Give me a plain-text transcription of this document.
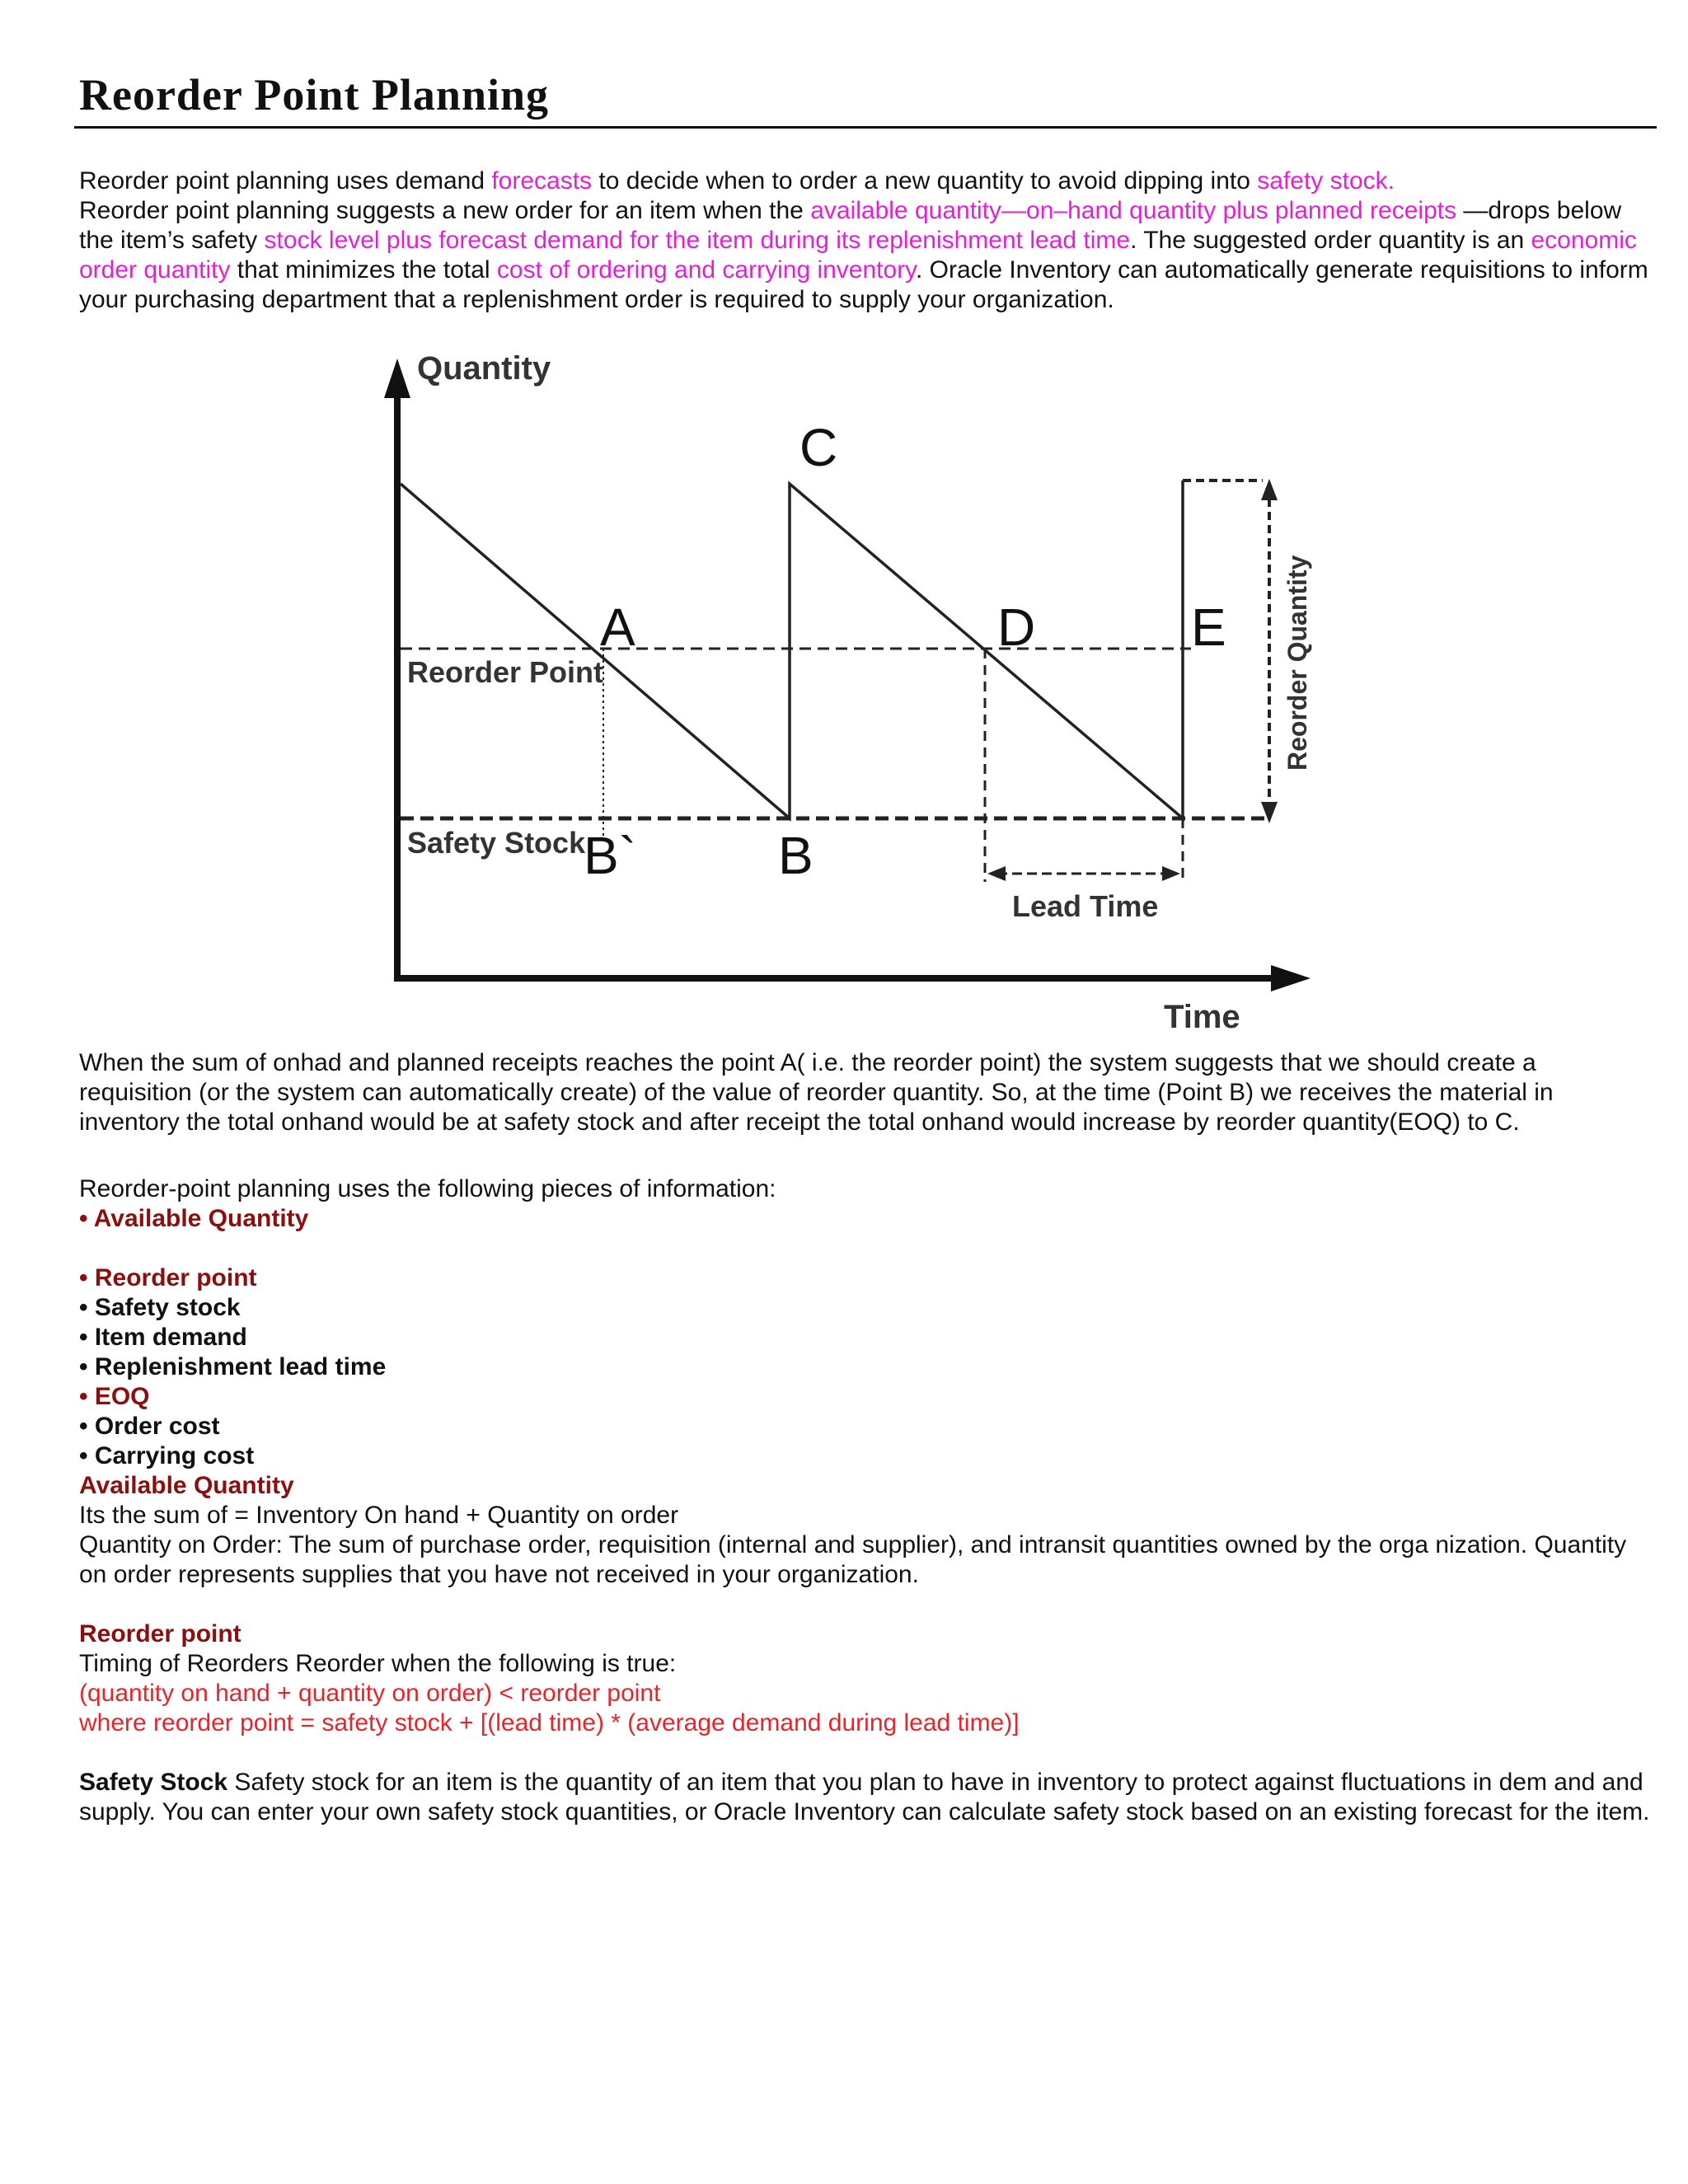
Reorder Point Planning

Reorder point planning uses demand forecasts to decide when to order a new quantity to avoid dipping into safety stock.

Reorder point planning suggests a new order for an item when the available quantity—on–hand quantity plus planned receipts —drops below the item’s safety stock level plus forecast demand for the item during its replenishment lead time. The suggested order quantity is an economic order quantity that minimizes the total cost of ordering and carrying inventory. Oracle Inventory can automatically generate requisitions to inform your purchasing department that a replenishment order is required to supply your organization.

Quantity
Time
Reorder Point
Safety Stock
Lead Time
Reorder Quantity
A
B`	B
C
D	E

When the sum of onhad and planned receipts reaches the point A( i.e. the reorder point) the system suggests that we should create a requisition (or the system can automatically create) of the value of reorder quantity. So, at the time (Point B) we receives the material in inventory the total onhand would be at safety stock and after receipt the total onhand would increase by reorder quantity(EOQ) to C.

Reorder-point planning uses the following pieces of information:

• Available Quantity
• Reorder point
• Safety stock
• Item demand
• Replenishment lead time
• EOQ
• Order cost
• Carrying cost
Available Quantity

Its the sum of = Inventory On hand + Quantity on order

Quantity on Order: The sum of purchase order, requisition (internal and supplier), and intransit quantities owned by the orga nization. Quantity on order represents supplies that you have not received in your organization.

Reorder point

Timing of Reorders Reorder when the following is true:

(quantity on hand + quantity on order) < reorder point

where reorder point = safety stock + [(lead time) * (average demand during lead time)]

Safety Stock Safety stock for an item is the quantity of an item that you plan to have in inventory to protect against fluctuations in dem and and supply. You can enter your own safety stock quantities, or Oracle Inventory can calculate safety stock based on an existing forecast for the item.
